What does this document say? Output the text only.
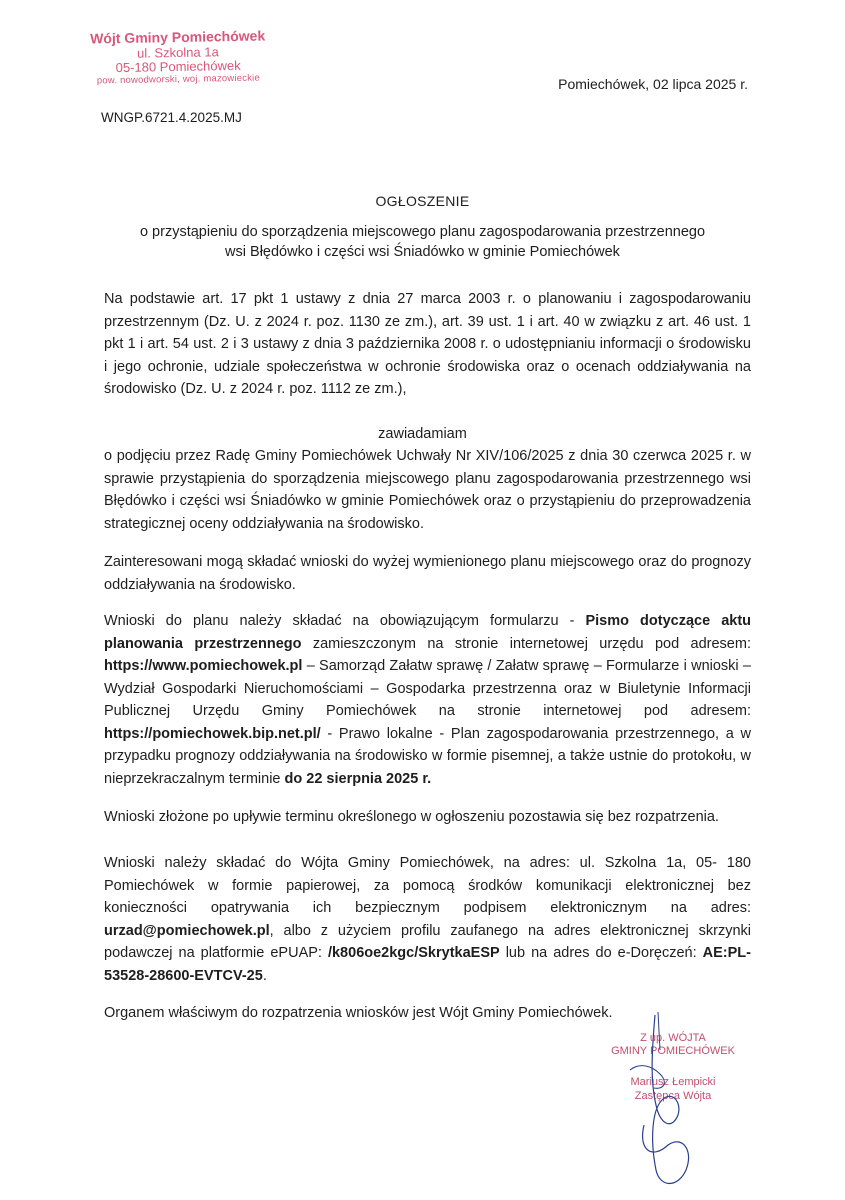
Wójt Gminy Pomiechówek
ul. Szkolna 1a
05-180 Pomiechówek
pow. nowodworski, woj. mazowieckie	Pomiechówek, 02 lipca 2025 r.
WNGP.6721.4.2025.MJ
OGŁOSZENIE
o przystąpieniu do sporządzenia miejscowego planu zagospodarowania przestrzennego
wsi Błędówko i części wsi Śniadówko w gminie Pomiechówek
Na podstawie art. 17 pkt 1 ustawy z dnia 27 marca 2003 r. o planowaniu i zagospodarowaniu przestrzennym (Dz. U. z 2024 r. poz. 1130 ze zm.), art. 39 ust. 1 i art. 40 w związku z art. 46 ust. 1 pkt 1 i art. 54 ust. 2 i 3 ustawy z dnia 3 października 2008 r. o udostępnianiu informacji o środowisku i jego ochronie, udziale społeczeństwa w ochronie środowiska oraz o ocenach oddziaływania na środowisko (Dz. U. z 2024 r. poz. 1112 ze zm.),
zawiadamiam
o podjęciu przez Radę Gminy Pomiechówek Uchwały Nr XIV/106/2025 z dnia 30 czerwca 2025 r. w sprawie przystąpienia do sporządzenia miejscowego planu zagospodarowania przestrzennego wsi Błędówko i części wsi Śniadówko w gminie Pomiechówek oraz o przystąpieniu do przeprowadzenia strategicznej oceny oddziaływania na środowisko.
Zainteresowani mogą składać wnioski do wyżej wymienionego planu miejscowego oraz do prognozy oddziaływania na środowisko.
Wnioski do planu należy składać na obowiązującym formularzu - Pismo dotyczące aktu planowania przestrzennego zamieszczonym na stronie internetowej urzędu pod adresem: https://www.pomiechowek.pl – Samorząd Załatw sprawę / Załatw sprawę – Formularze i wnioski – Wydział Gospodarki Nieruchomościami – Gospodarka przestrzenna oraz w Biuletynie Informacji Publicznej Urzędu Gminy Pomiechówek na stronie internetowej pod adresem: https://pomiechowek.bip.net.pl/ - Prawo lokalne - Plan zagospodarowania przestrzennego, a w przypadku prognozy oddziaływania na środowisko w formie pisemnej, a także ustnie do protokołu, w nieprzekraczalnym terminie do 22 sierpnia 2025 r.
Wnioski złożone po upływie terminu określonego w ogłoszeniu pozostawia się bez rozpatrzenia.
Wnioski należy składać do Wójta Gminy Pomiechówek, na adres: ul. Szkolna 1a, 05- 180 Pomiechówek w formie papierowej, za pomocą środków komunikacji elektronicznej bez konieczności opatrywania ich bezpiecznym podpisem elektronicznym na adres: urzad@pomiechowek.pl, albo z użyciem profilu zaufanego na adres elektronicznej skrzynki podawczej na platformie ePUAP: /k806oe2kgc/SkrytkaESP lub na adres do e-Doręczeń: AE:PL-53528-28600-EVTCV-25.
Organem właściwym do rozpatrzenia wniosków jest Wójt Gminy Pomiechówek.
Z up. WÓJTA
GMINY POMIECHÓWEK
Mariusz Łempicki
Zastępca Wójta
